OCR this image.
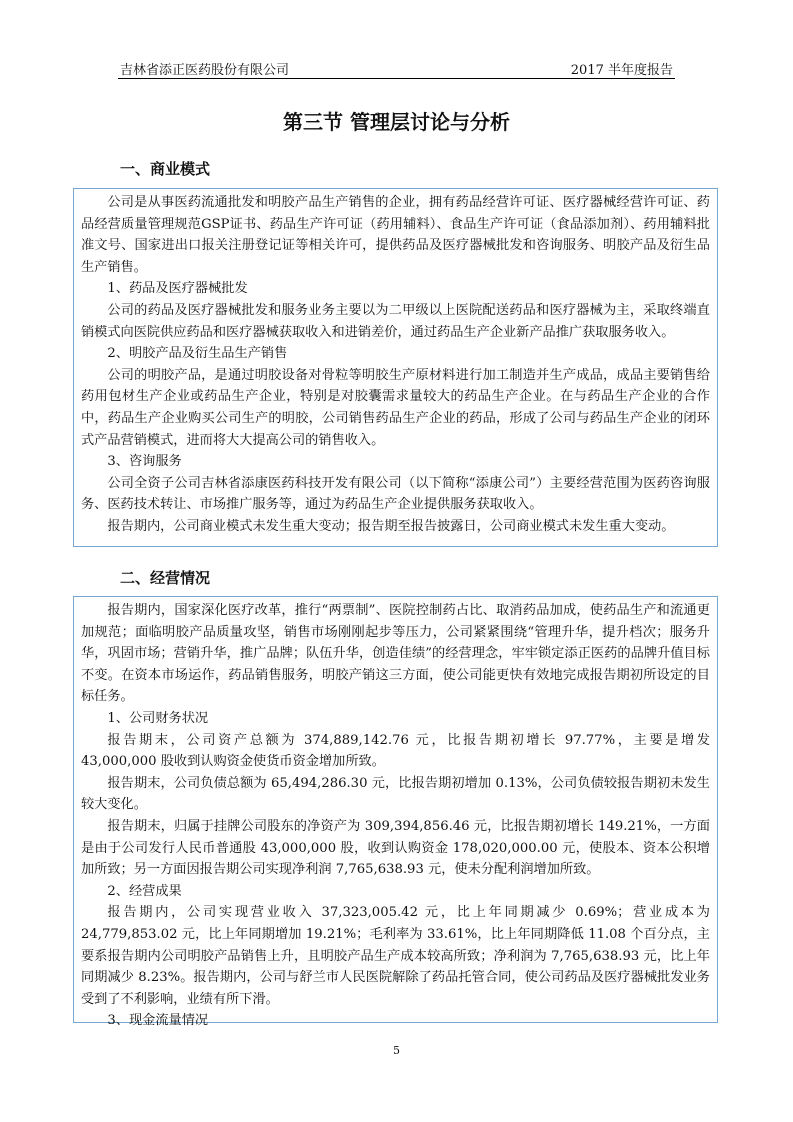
吉林省添正医药股份有限公司	2017 半年度报告
第三节 管理层讨论与分析
一、商业模式

公司是从事医药流通批发和明胶产品生产销售的企业，拥有药品经营许可证、医疗器械经营许可证、药品经营质量管理规范GSP证书、药品生产许可证（药用辅料）、食品生产许可证（食品添加剂）、药用辅料批准文号、国家进出口报关注册登记证等相关许可，提供药品及医疗器械批发和咨询服务、明胶产品及衍生品生产销售。

1、药品及医疗器械批发

公司的药品及医疗器械批发和服务业务主要以为二甲级以上医院配送药品和医疗器械为主，采取终端直销模式向医院供应药品和医疗器械获取收入和进销差价，通过药品生产企业新产品推广获取服务收入。

2、明胶产品及衍生品生产销售

公司的明胶产品，是通过明胶设备对骨粒等明胶生产原材料进行加工制造并生产成品，成品主要销售给药用包材生产企业或药品生产企业，特别是对胶囊需求量较大的药品生产企业。在与药品生产企业的合作中，药品生产企业购买公司生产的明胶，公司销售药品生产企业的药品，形成了公司与药品生产企业的闭环式产品营销模式，进而将大大提高公司的销售收入。

3、咨询服务

公司全资子公司吉林省添康医药科技开发有限公司（以下简称“添康公司”）主要经营范围为医药咨询服务、医药技术转让、市场推广服务等，通过为药品生产企业提供服务获取收入。

报告期内，公司商业模式未发生重大变动；报告期至报告披露日，公司商业模式未发生重大变动。

二、经营情况

报告期内，国家深化医疗改革，推行“两票制”、医院控制药占比、取消药品加成，使药品生产和流通更加规范；面临明胶产品质量攻坚，销售市场刚刚起步等压力，公司紧紧围绕“管理升华，提升档次；服务升华，巩固市场；营销升华，推广品牌；队伍升华，创造佳绩”的经营理念，牢牢锁定添正医药的品牌升值目标不变。在资本市场运作，药品销售服务，明胶产销这三方面，使公司能更快有效地完成报告期初所设定的目标任务。

1、公司财务状况

报告期末，公司资产总额为 374,889,142.76 元，比报告期初增长 97.77%，主要是增发 43,000,000 股收到认购资金使货币资金增加所致。

报告期末，公司负债总额为 65,494,286.30 元，比报告期初增加 0.13%，公司负债较报告期初未发生较大变化。

报告期末，归属于挂牌公司股东的净资产为 309,394,856.46 元，比报告期初增长 149.21%，一方面是由于公司发行人民币普通股 43,000,000 股，收到认购资金 178,020,000.00 元，使股本、资本公积增加所致；另一方面因报告期公司实现净利润 7,765,638.93 元，使未分配利润增加所致。

2、经营成果

报告期内，公司实现营业收入 37,323,005.42 元，比上年同期减少 0.69%；营业成本为 24,779,853.02 元，比上年同期增加 19.21%；毛利率为 33.61%，比上年同期降低 11.08 个百分点，主要系报告期内公司明胶产品销售上升，且明胶产品生产成本较高所致；净利润为 7,765,638.93 元，比上年同期减少 8.23%。报告期内，公司与舒兰市人民医院解除了药品托管合同，使公司药品及医疗器械批发业务受到了不利影响，业绩有所下滑。

3、现金流量情况

5
